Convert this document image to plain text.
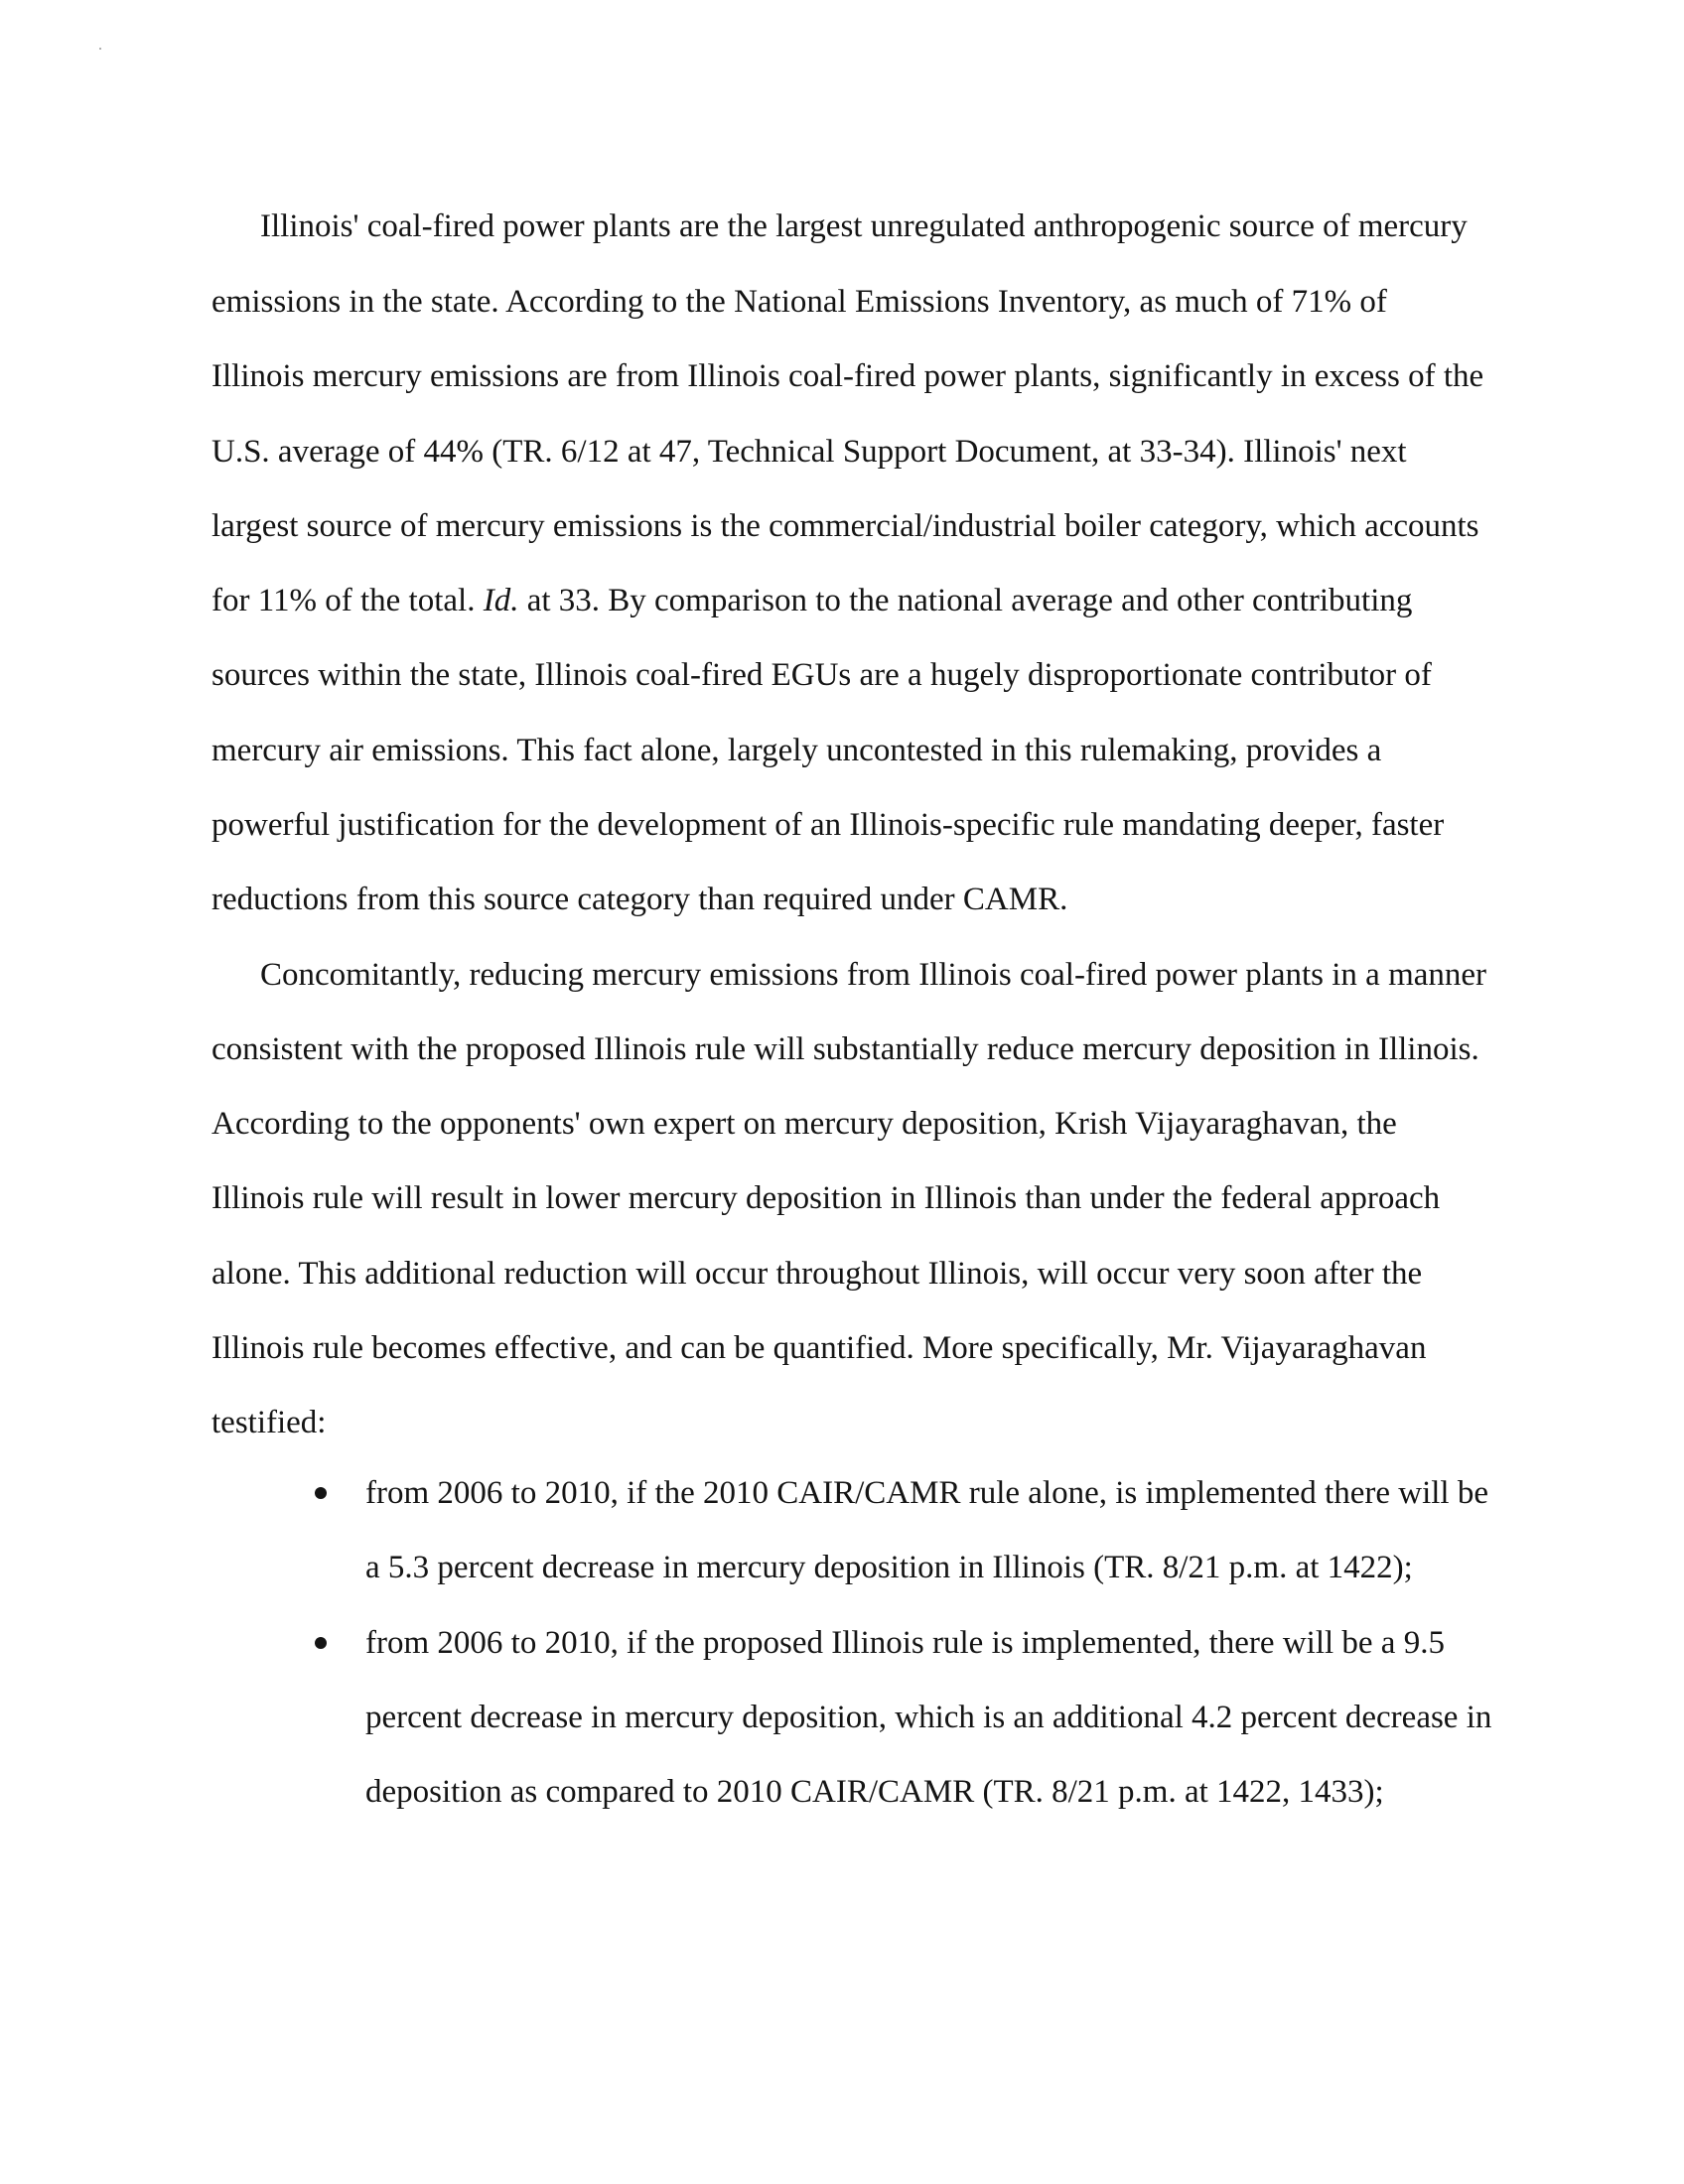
Illinois' coal-fired power plants are the largest unregulated anthropogenic source of mercury
emissions in the state. According to the National Emissions Inventory, as much of 71% of
Illinois mercury emissions are from Illinois coal-fired power plants, significantly in excess of the
U.S. average of 44% (TR. 6/12 at 47, Technical Support Document, at 33-34). Illinois' next
largest source of mercury emissions is the commercial/industrial boiler category, which accounts
for 11% of the total. Id. at 33. By comparison to the national average and other contributing
sources within the state, Illinois coal-fired EGUs are a hugely disproportionate contributor of
mercury air emissions. This fact alone, largely uncontested in this rulemaking, provides a
powerful justification for the development of an Illinois-specific rule mandating deeper, faster
reductions from this source category than required under CAMR.
Concomitantly, reducing mercury emissions from Illinois coal-fired power plants in a manner
consistent with the proposed Illinois rule will substantially reduce mercury deposition in Illinois.
According to the opponents' own expert on mercury deposition, Krish Vijayaraghavan, the
Illinois rule will result in lower mercury deposition in Illinois than under the federal approach
alone. This additional reduction will occur throughout Illinois, will occur very soon after the
Illinois rule becomes effective, and can be quantified. More specifically, Mr. Vijayaraghavan
testified:
from 2006 to 2010, if the 2010 CAIR/CAMR rule alone, is implemented there will be
a 5.3 percent decrease in mercury deposition in Illinois (TR. 8/21 p.m. at 1422);
from 2006 to 2010, if the proposed Illinois rule is implemented, there will be a 9.5
percent decrease in mercury deposition, which is an additional 4.2 percent decrease in
deposition as compared to 2010 CAIR/CAMR (TR. 8/21 p.m. at 1422, 1433);
